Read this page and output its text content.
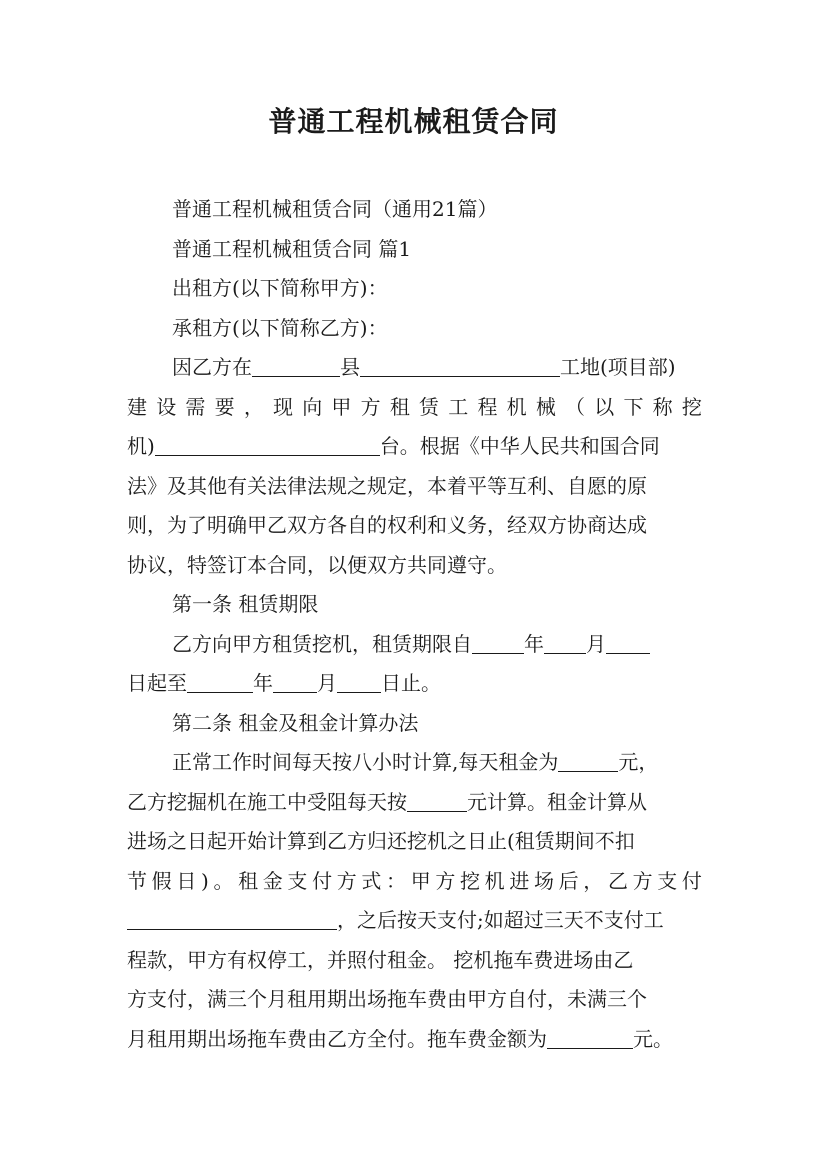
普通工程机械租赁合同
普通工程机械租赁合同（通用21篇）
普通工程机械租赁合同 篇1
出租方(以下简称甲方)：
承租方(以下简称乙方)：
因乙方在	县	工地(项目部)
建 设 需 要 ， 现 向 甲 方 租 赁 工 程 机 械 （ 以 下 称 挖
机)	台。根据《中华人民共和国合同
法》及其他有关法律法规之规定，本着平等互利、自愿的原
则，为了明确甲乙双方各自的权利和义务，经双方协商达成
协议，特签订本合同，以便双方共同遵守。
第一条 租赁期限
乙方向甲方租赁挖机，租赁期限自	年 月
日起至	年 月 日止。
第二条 租金及租金计算办法
正常工作时间每天按八小时计算,每天租金为	元，
乙方挖掘机在施工中受阻每天按	元计算。租金计算从
进场之日起开始计算到乙方归还挖机之日止(租赁期间不扣
节 假 日 ) 。 租 金 支 付 方 式 ： 甲 方 挖 机 进 场 后 ， 乙 方 支 付
，之后按天支付;如超过三天不支付工
程款，甲方有权停工，并照付租金。 挖机拖车费进场由乙
方支付，满三个月租用期出场拖车费由甲方自付，未满三个
月租用期出场拖车费由乙方全付。拖车费金额为	元。
